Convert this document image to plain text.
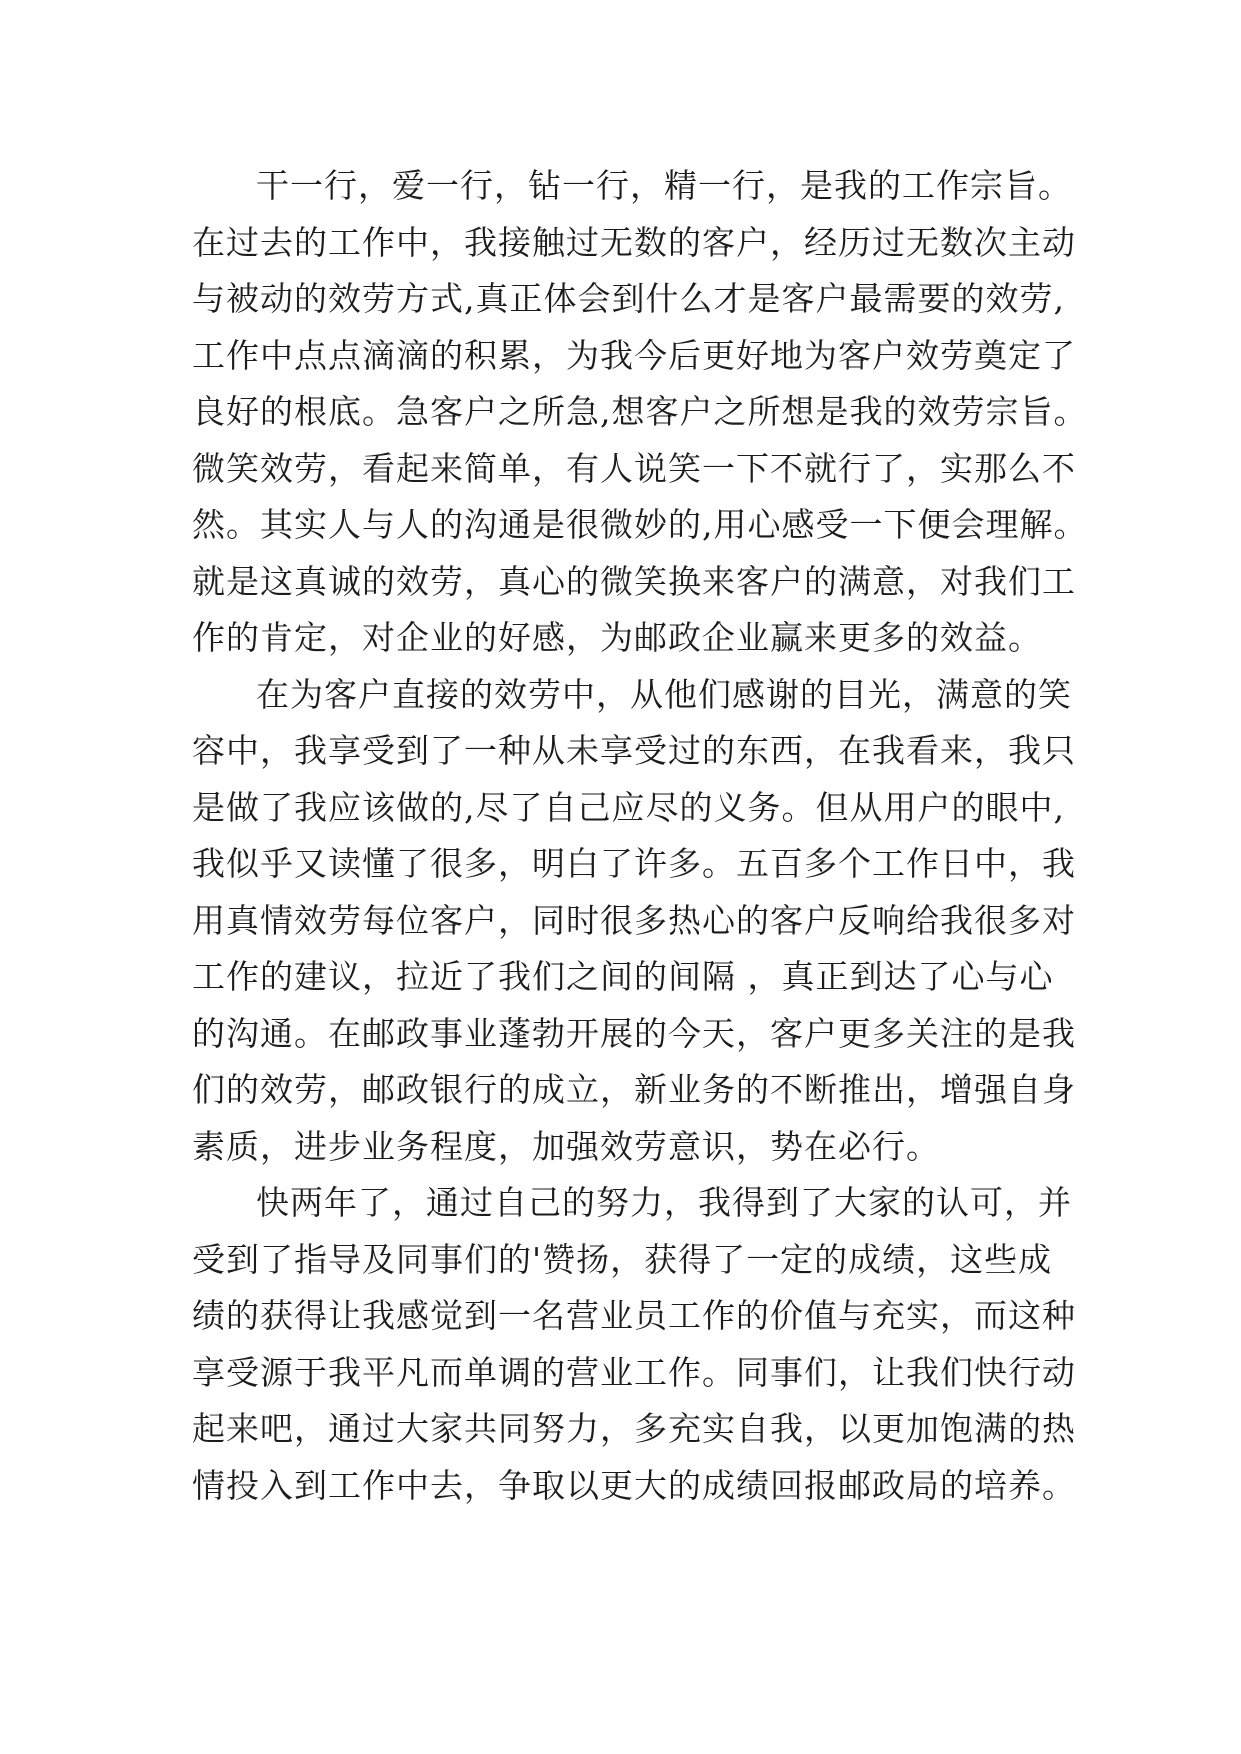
干一行，爱一行，钻一行，精一行，是我的工作宗旨。
在过去的工作中，我接触过无数的客户，经历过无数次主动
与被动的效劳方式,真正体会到什么才是客户最需要的效劳,
工作中点点滴滴的积累，为我今后更好地为客户效劳奠定了
良好的根底。急客户之所急,想客户之所想是我的效劳宗旨。
微笑效劳，看起来简单，有人说笑一下不就行了，实那么不
然。其实人与人的沟通是很微妙的,用心感受一下便会理解。
就是这真诚的效劳，真心的微笑换来客户的满意，对我们工
作的肯定，对企业的好感，为邮政企业赢来更多的效益。
在为客户直接的效劳中，从他们感谢的目光，满意的笑
容中，我享受到了一种从未享受过的东西，在我看来，我只
是做了我应该做的,尽了自己应尽的义务。但从用户的眼中,
我似乎又读懂了很多，明白了许多。五百多个工作日中，我
用真情效劳每位客户，同时很多热心的客户反响给我很多对
工作的建议，拉近了我们之间的间隔 ，真正到达了心与心
的沟通。在邮政事业蓬勃开展的今天，客户更多关注的是我
们的效劳，邮政银行的成立，新业务的不断推出，增强自身
素质，进步业务程度，加强效劳意识，势在必行。
快两年了，通过自己的努力，我得到了大家的认可，并
受到了指导及同事们的'赞扬，获得了一定的成绩，这些成
绩的获得让我感觉到一名营业员工作的价值与充实，而这种
享受源于我平凡而单调的营业工作。同事们，让我们快行动
起来吧，通过大家共同努力，多充实自我，以更加饱满的热
情投入到工作中去，争取以更大的成绩回报邮政局的培养。
